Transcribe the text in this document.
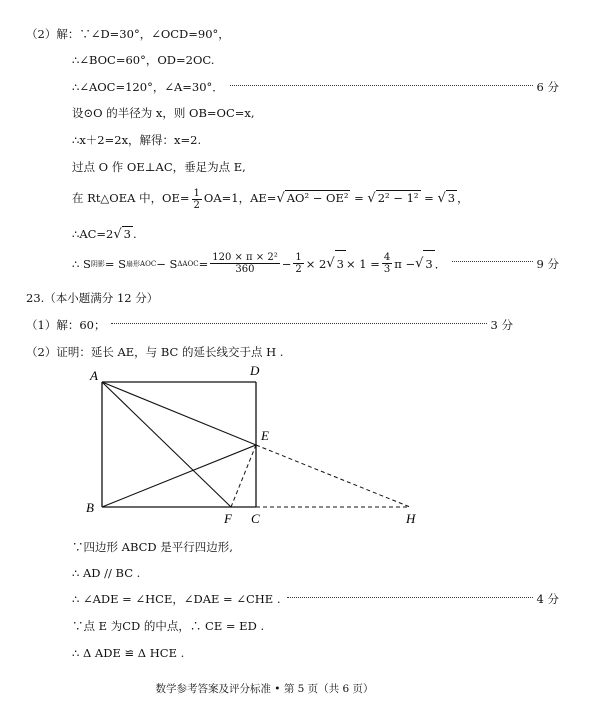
（2）解：∵∠D=30°，∠OCD=90°，
∴∠BOC=60°，OD=2OC.
∴∠AOC=120°，∠A=30°．	6 分
设⊙O 的半径为 x，则 OB=OC=x,
∴x＋2=2x，解得：x=2.
过点 O 作 OE⊥AC，垂足为点 E,
在 Rt△OEA 中，$OE= \frac{1}{2} OA=1$，AE=√ AO² − OE² = √ 2² − 1² = √ 3 ，
∴AC=2√ 3 .
∴ S 阴影 = S 扇形AOC − S $\Delta AOC = \frac{\text{120 × π × 2²}}{360} - \frac{1}{2} \times 2$ √ $3 \times 1 = \frac{4}{3}$ π − √ 3 ．	9 分
23.（本小题满分 12 分）
（1）解：60；	3 分
（2）证明：延长 AE，与 BC 的延长线交于点 H .
A	D
E
B
F C	H
∵四边形 ABCD 是平行四边形,
∴ AD // BC .
∴ ∠ADE = ∠HCE，∠DAE = ∠CHE .	4 分
∵点 E 为CD 的中点，∴ CE = ED .
∴ Δ ADE ≌ Δ HCE .
数学参考答案及评分标准 • 第 5 页（共 6 页）
